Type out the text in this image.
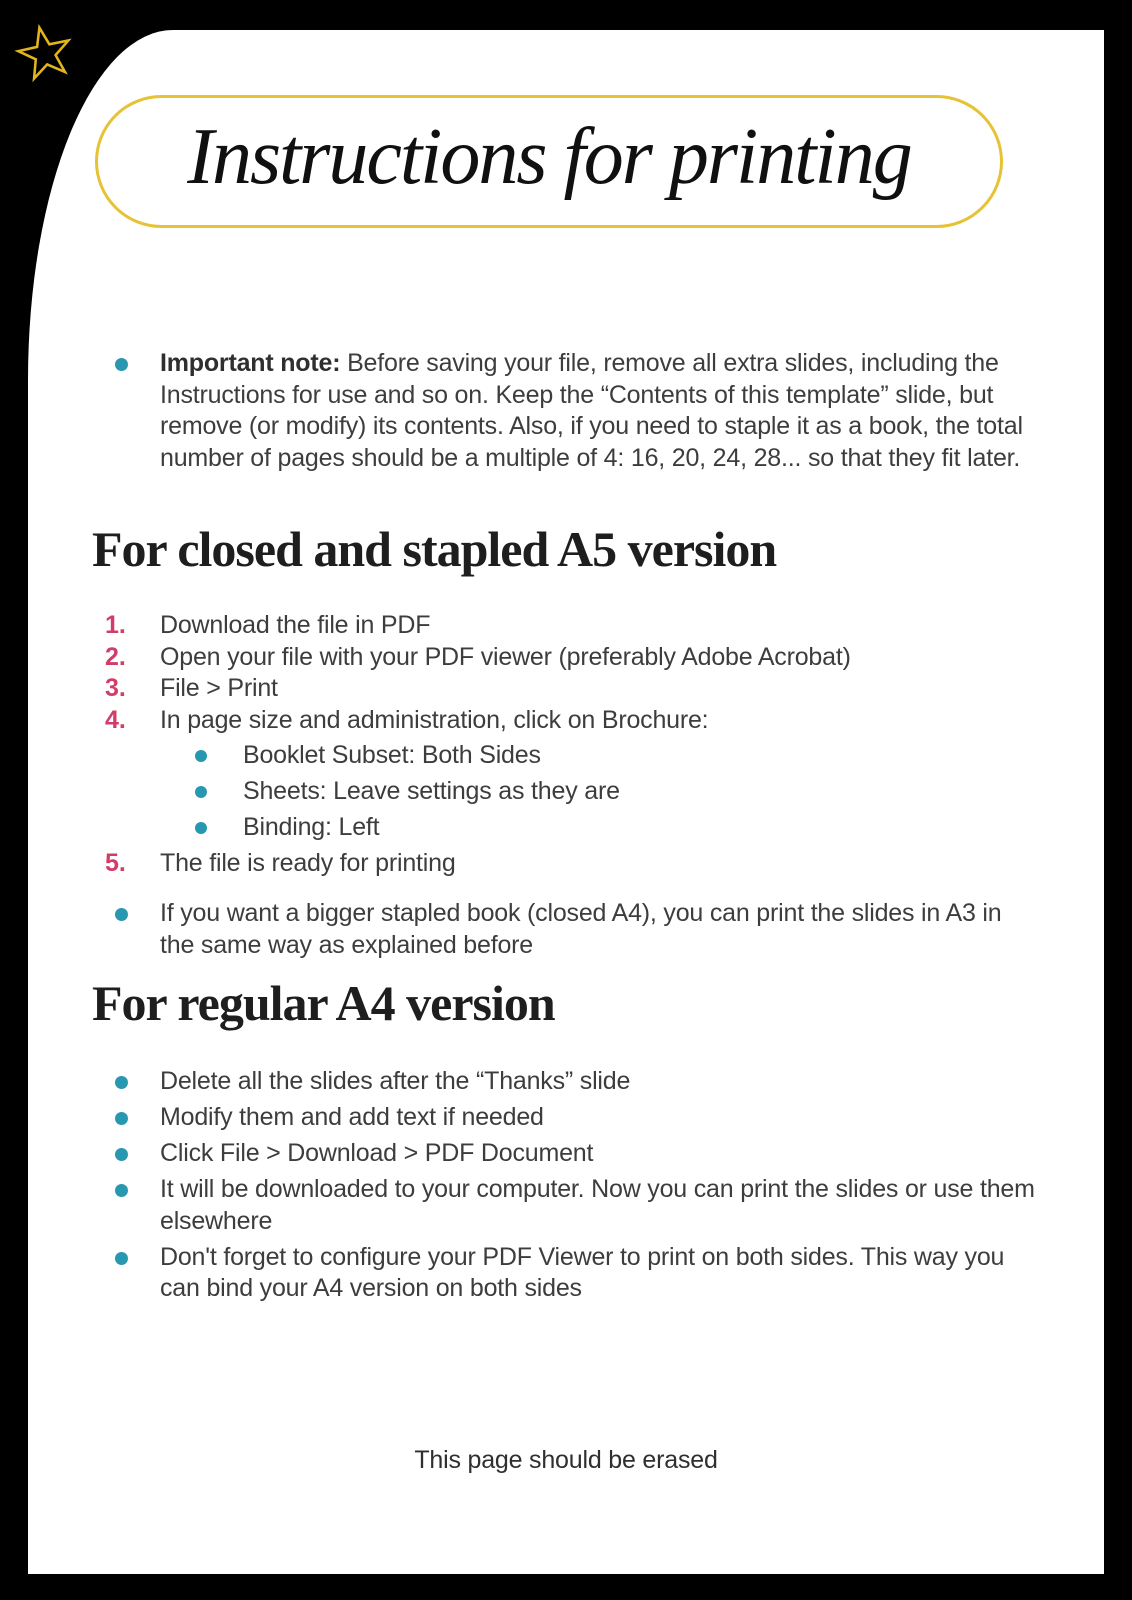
Instructions for printing

Important note: Before saving your file, remove all extra slides, including the Instructions for use and so on. Keep the “Contents of this template” slide, but remove (or modify) its contents. Also, if you need to staple it as a book, the total number of pages should be a multiple of 4: 16, 20, 24, 28... so that they fit later.

For closed and stapled A5 version
1.	Download the file in PDF
2.	Open your file with your PDF viewer (preferably Adobe Acrobat)
3.	File > Print
4.	In page size and administration, click on Brochure:
Booklet Subset: Both Sides
Sheets: Leave settings as they are
Binding: Left
5.	The file is ready for printing

If you want a bigger stapled book (closed A4), you can print the slides in A3 in the same way as explained before

For regular A4 version

Delete all the slides after the “Thanks” slide

Modify them and add text if needed

Click File > Download > PDF Document

It will be downloaded to your computer. Now you can print the slides or use them elsewhere

Don't forget to configure your PDF Viewer to print on both sides. This way you can bind your A4 version on both sides

This page should be erased
